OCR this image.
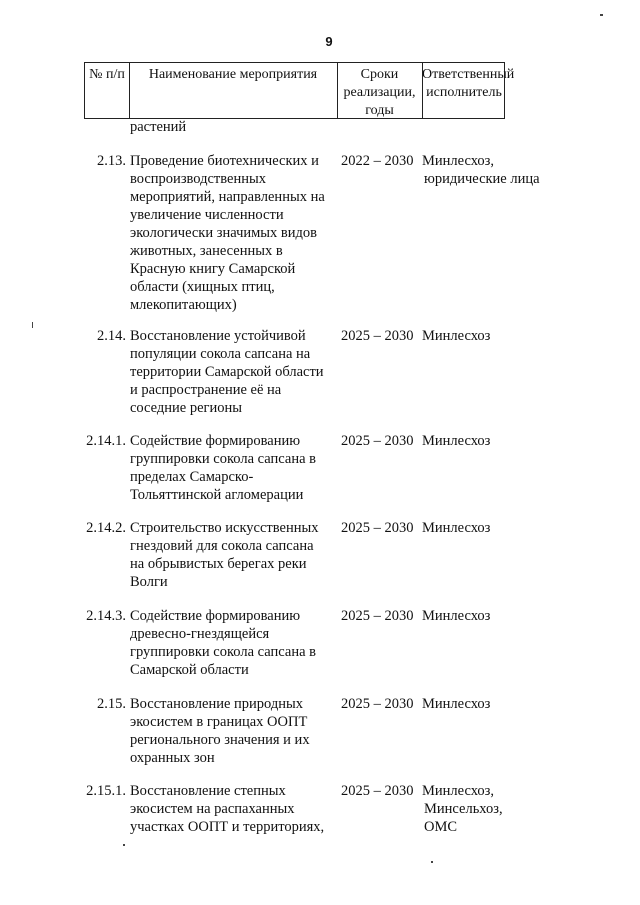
9
№ п/п	Наименование мероприятия	Сроки
реализации,
годы
Ответственный
исполнитель
растений
2.13. Проведение биотехнических и
воспроизводственных
мероприятий, направленных на
увеличение численности
экологически значимых видов
животных, занесенных в
Красную книгу Самарской
области (хищных птиц,
млекопитающих)
2022 – 2030 Минлесхоз,
юридические лица
2.14. Восстановление устойчивой
популяции сокола сапсана на
территории Самарской области
и распространение её на
соседние регионы
2025 – 2030 Минлесхоз
2.14.1. Содействие формированию
группировки сокола сапсана в
пределах Самарско-
Тольяттинской агломерации
2025 – 2030 Минлесхоз
2.14.2. Строительство искусственных
гнездовий для сокола сапсана
на обрывистых берегах реки
Волги
2025 – 2030 Минлесхоз
2.14.3. Содействие формированию
древесно-гнездящейся
группировки сокола сапсана в
Самарской области
2025 – 2030 Минлесхоз
2.15. Восстановление природных
экосистем в границах ООПТ
регионального значения и их
охранных зон
2025 – 2030 Минлесхоз
2.15.1. Восстановление степных
экосистем на распаханных
участках ООПТ и территориях,
2025 – 2030 Минлесхоз,
Минсельхоз,
ОМС
